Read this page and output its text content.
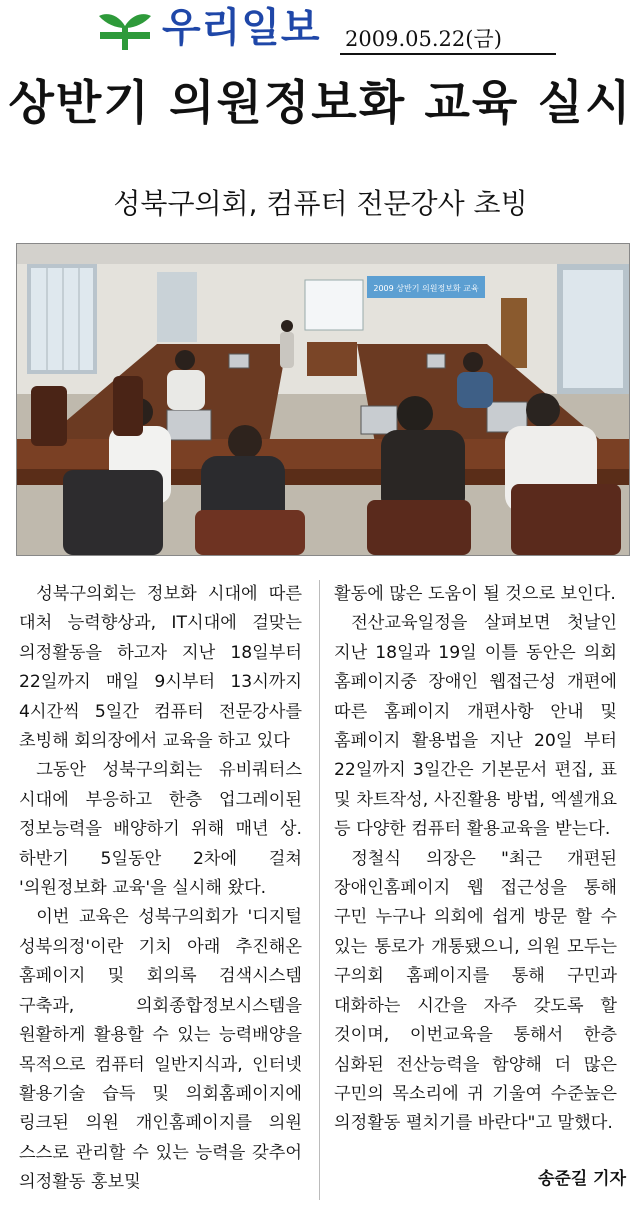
우리일보 2009.05.22(금)
상반기 의원정보화 교육 실시
성북구의회, 컴퓨터 전문강사 초빙
2009 상반기 의원정보화 교육

성북구의회는 정보화 시대에 따른 대처 능력향상과, IT시대에 걸맞는 의정활동을 하고자 지난 18일부터 22일까지 매일 9시부터 13시까지 4시간씩 5일간 컴퓨터 전문강사를 초빙해 회의장에서 교육을 하고 있다

그동안 성북구의회는 유비쿼터스 시대에 부응하고 한층 업그레이된 정보능력을 배양하기 위해 매년 상.하반기 5일동안 2차에 걸쳐 '의원정보화 교육'을 실시해 왔다.

이번 교육은 성북구의회가 '디지털 성북의정'이란 기치 아래 추진해온 홈페이지 및 회의록 검색시스템 구축과, 의회종합정보시스템을 원활하게 활용할 수 있는 능력배양을 목적으로 컴퓨터 일반지식과, 인터넷 활용기술 습득 및 의회홈페이지에 링크된 의원 개인홈페이지를 의원 스스로 관리할 수 있는 능력을 갖추어 의정활동 홍보및

활동에 많은 도움이 될 것으로 보인다.

전산교육일정을 살펴보면 첫날인 지난 18일과 19일 이틀 동안은 의회 홈페이지중 장애인 웹접근성 개편에 따른 홈페이지 개편사항 안내 및 홈페이지 활용법을 지난 20일 부터 22일까지 3일간은 기본문서 편집, 표 및 차트작성, 사진활용 방법, 엑셀개요 등 다양한 컴퓨터 활용교육을 받는다.

정철식 의장은 "최근 개편된 장애인홈페이지 웹 접근성을 통해 구민 누구나 의회에 쉽게 방문 할 수 있는 통로가 개통됐으니, 의원 모두는 구의회 홈페이지를 통해 구민과 대화하는 시간을 자주 갖도록 할 것이며, 이번교육을 통해서 한층 심화된 전산능력을 함양해 더 많은 구민의 목소리에 귀 기울여 수준높은 의정활동 펼치기를 바란다"고 말했다.

송준길 기자
